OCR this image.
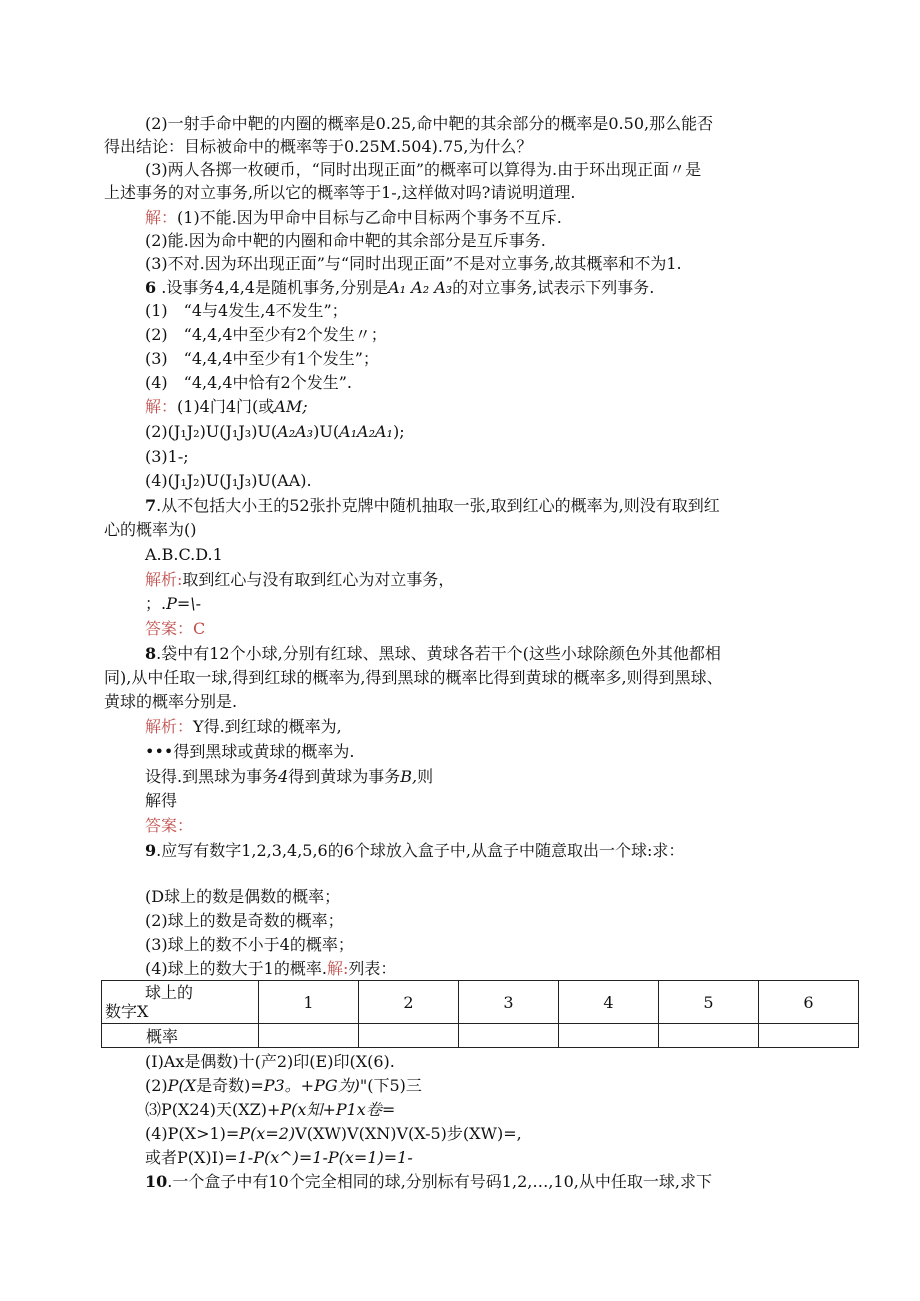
(2)一射手命中靶的内圈的概率是0.25,命中靶的其余部分的概率是0.50,那么能否
得出结论：目标被命中的概率等于0.25M.504).75,为什么？
(3)两人各掷一枚硬币，“同时出现正面”的概率可以算得为.由于环出现正面〃是
上述事务的对立事务,所以它的概率等于1-,这样做对吗?请说明道理.
解：(1)不能.因为甲命中目标与乙命中目标两个事务不互斥.
(2)能.因为命中靶的内圈和命中靶的其余部分是互斥事务.
(3)不对.因为环出现正面”与“同时出现正面”不是对立事务,故其概率和不为1.
6 .设事务4,4,4是随机事务,分别是A₁ A₂ A₃的对立事务,试表示下列事务.
(1)　“4与4发生,4不发生”；
(2)　“4,4,4中至少有2个发生〃；
(3)　“4,4,4中至少有1个发生”；
(4)　“4,4,4中恰有2个发生”.
解：(1)4门4门(或AM;
(2)(J₁J₂)U(J₁J₃)U(A₂A₃)U(A₁A₂A₁);
(3)1-;
(4)(J₁J₂)U(J₁J₃)U(AA).
7.从不包括大小王的52张扑克牌中随机抽取一张,取到红心的概率为,则没有取到红
心的概率为()
A.B.C.D.1
解析:取到红心与没有取到红心为对立事务，
；.P=\-
答案：C
8.袋中有12个小球,分别有红球、黑球、黄球各若干个(这些小球除颜色外其他都相
同),从中任取一球,得到红球的概率为,得到黑球的概率比得到黄球的概率多,则得到黑球、
黄球的概率分别是.
解析：Y得.到红球的概率为,
•••得到黑球或黄球的概率为.
设得.到黑球为事务4得到黄球为事务B,则
解得
答案：
9.应写有数字1,2,3,4,5,6的6个球放入盒子中,从盒子中随意取出一个球:求：
(D球上的数是偶数的概率；
(2)球上的数是奇数的概率；
(3)球上的数不小于4的概率；
(4)球上的数大于1的概率.解:列表：
球上的
数字X	1	2	3	4	5	6
概率						
(I)Ax是偶数)十(产2)印(E)印(X(6).
(2)P(X是奇数)=P3。+PG为)"(下5)三
⑶P(X24)天(XZ)+P(x知+P1x卷=
(4)P(X>1)=P(x=2)V(XW)V(XN)V(X-5)步(XW)=,
或者P(X)I)=1-P(x^)=1-P(x=1)=1-
10.一个盒子中有10个完全相同的球,分别标有号码1,2,…,10,从中任取一球,求下
